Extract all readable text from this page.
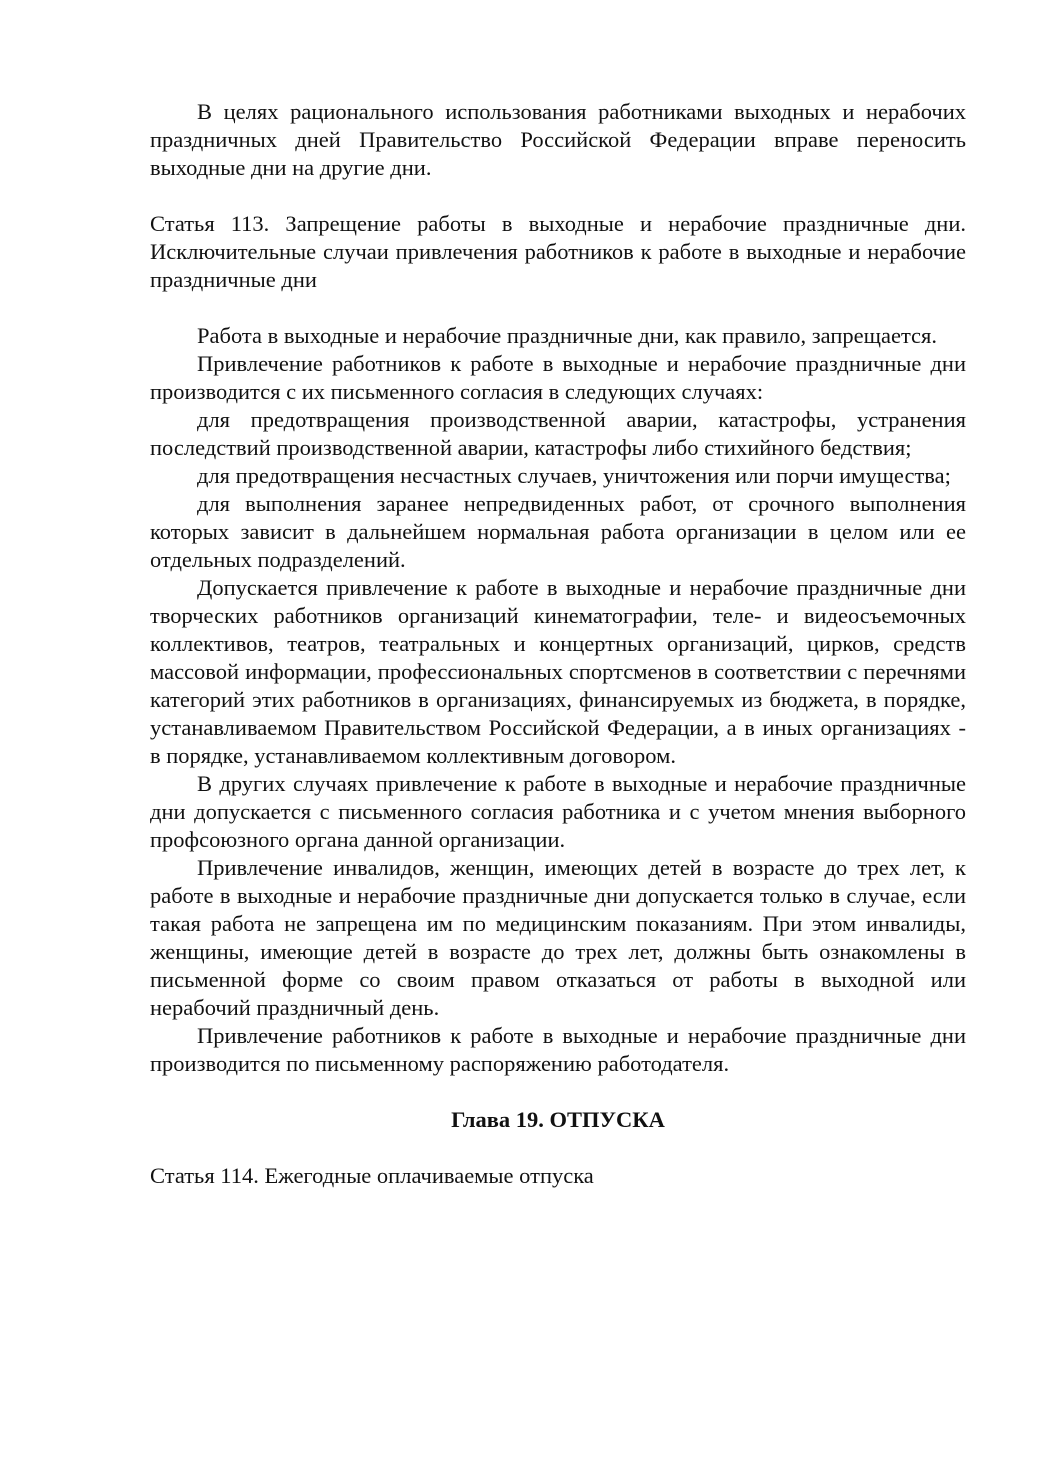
В целях рационального использования работниками выходных и нерабочих праздничных дней Правительство Российской Федерации вправе переносить выходные дни на другие дни.

Статья 113. Запрещение работы в выходные и нерабочие праздничные дни. Исключительные случаи привлечения работников к работе в выходные и нерабочие праздничные дни

Работа в выходные и нерабочие праздничные дни, как правило, запрещается.

Привлечение работников к работе в выходные и нерабочие праздничные дни производится с их письменного согласия в следующих случаях:

для предотвращения производственной аварии, катастрофы, устранения последствий производственной аварии, катастрофы либо стихийного бедствия;

для предотвращения несчастных случаев, уничтожения или порчи имущества;

для выполнения заранее непредвиденных работ, от срочного выполнения которых зависит в дальнейшем нормальная работа организации в целом или ее отдельных подразделений.

Допускается привлечение к работе в выходные и нерабочие праздничные дни творческих работников организаций кинематографии, теле- и видеосъемочных коллективов, театров, театральных и концертных организаций, цирков, средств массовой информации, профессиональных спортсменов в соответствии с перечнями категорий этих работников в организациях, финансируемых из бюджета, в порядке, устанавливаемом Правительством Российской Федерации, а в иных организациях - в порядке, устанавливаемом коллективным договором.

В других случаях привлечение к работе в выходные и нерабочие праздничные дни допускается с письменного согласия работника и с учетом мнения выборного профсоюзного органа данной организации.

Привлечение инвалидов, женщин, имеющих детей в возрасте до трех лет, к работе в выходные и нерабочие праздничные дни допускается только в случае, если такая работа не запрещена им по медицинским показаниям. При этом инвалиды, женщины, имеющие детей в возрасте до трех лет, должны быть ознакомлены в письменной форме со своим правом отказаться от работы в выходной или нерабочий праздничный день.

Привлечение работников к работе в выходные и нерабочие праздничные дни производится по письменному распоряжению работодателя.

Глава 19. ОТПУСКА

Статья 114. Ежегодные оплачиваемые отпуска
